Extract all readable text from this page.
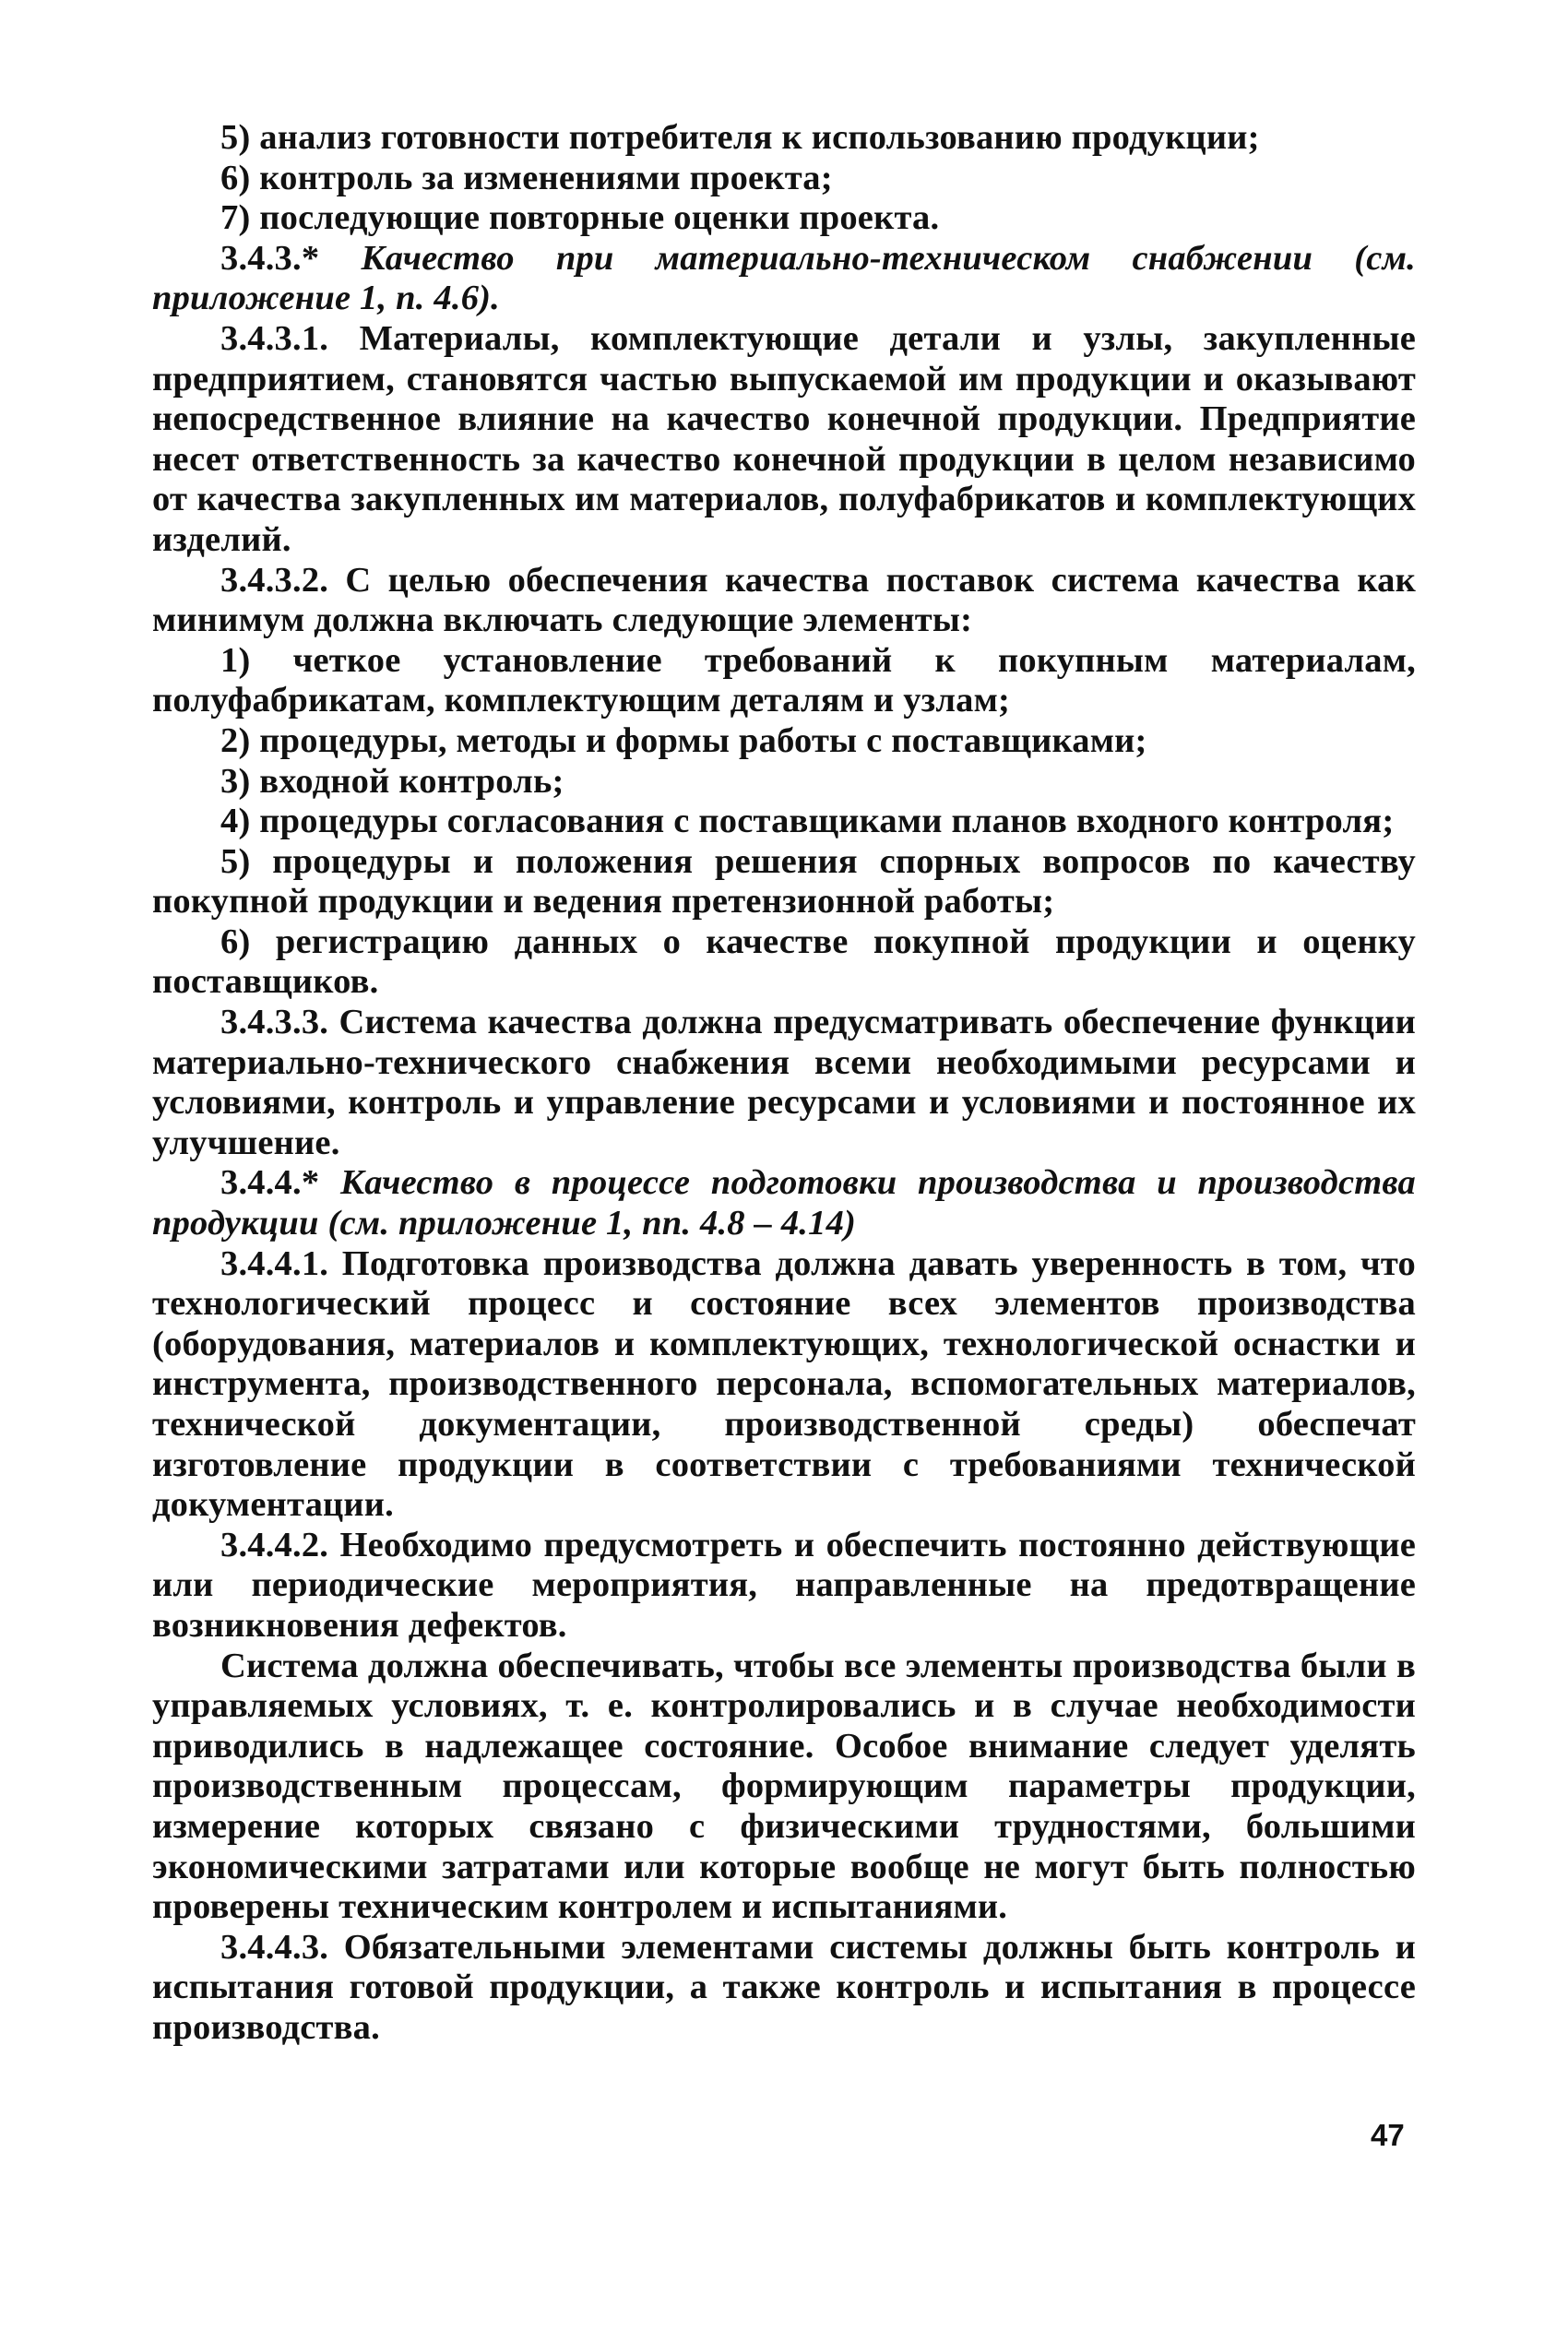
5) анализ готовности потребителя к использованию продукции;

6) контроль за изменениями проекта;

7) последующие повторные оценки проекта.

3.4.3.* Качество при материально-техническом снабжении (см. приложение 1, п. 4.6).

3.4.3.1. Материалы, комплектующие детали и узлы, закупленные предприятием, становятся частью выпускаемой им продукции и оказывают непосредственное влияние на качество конечной продукции. Предприятие несет ответственность за качество конечной продукции в целом независимо от качества закупленных им материалов, полуфабрикатов и комплектующих изделий.

3.4.3.2. С целью обеспечения качества поставок система качества как минимум должна включать следующие элементы:

1) четкое установление требований к покупным материалам, полуфабрикатам, комплектующим деталям и узлам;

2) процедуры, методы и формы работы с поставщиками;

3) входной контроль;

4) процедуры согласования с поставщиками планов входного контроля;

5) процедуры и положения решения спорных вопросов по качеству покупной продукции и ведения претензионной работы;

6) регистрацию данных о качестве покупной продукции и оценку поставщиков.

3.4.3.3. Система качества должна предусматривать обеспечение функции материально-технического снабжения всеми необходимыми ресурсами и условиями, контроль и управление ресурсами и условиями и постоянное их улучшение.

3.4.4.* Качество в процессе подготовки производства и производства продукции (см. приложение 1, пп. 4.8 – 4.14)

3.4.4.1. Подготовка производства должна давать уверенность в том, что технологический процесс и состояние всех элементов производства (оборудования, материалов и комплектующих, технологической оснастки и инструмента, производственного персонала, вспомогательных материалов, технической документации, производственной среды) обеспечат изготовление продукции в соответствии с требованиями технической документации.

3.4.4.2. Необходимо предусмотреть и обеспечить постоянно действующие или периодические мероприятия, направленные на предотвращение возникновения дефектов.

Система должна обеспечивать, чтобы все элементы производства были в управляемых условиях, т. е. контролировались и в случае необходимости приводились в надлежащее состояние. Особое внимание следует уделять производственным процессам, формирующим параметры продукции, измерение которых связано с физическими трудностями, большими экономическими затратами или которые вообще не могут быть полностью проверены техническим контролем и испытаниями.

3.4.4.3. Обязательными элементами системы должны быть контроль и испытания готовой продукции, а также контроль и испытания в процессе производства.

47
